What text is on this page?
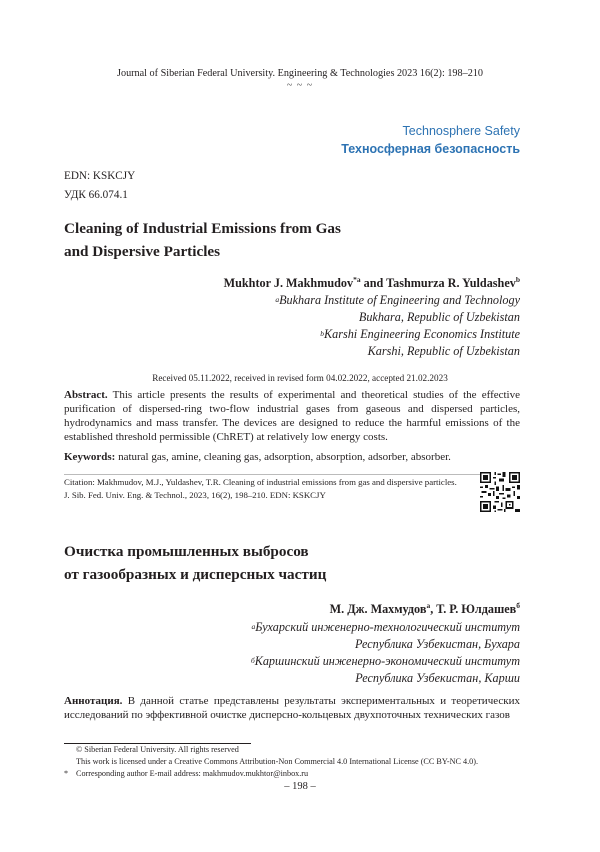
Journal of Siberian Federal University. Engineering & Technologies 2023 16(2): 198–210
~ ~ ~
Technosphere Safety
Техносферная безопасность
EDN: KSKCJY
УДК 66.074.1
Cleaning of Industrial Emissions from Gas
and Dispersive Particles
Mukhtor J. Makhmudov$^{*a}$ and Tashmurza R. Yuldashev$^b$
$^a$Bukhara Institute of Engineering and Technology
Bukhara, Republic of Uzbekistan
$^b$Karshi Engineering Economics Institute
Karshi, Republic of Uzbekistan
Received 05.11.2022, received in revised form 04.02.2022, accepted 21.02.2023
Abstract. This article presents the results of experimental and theoretical studies of the effective purification of dispersed-ring two-flow industrial gases from gaseous and dispersed particles, hydrodynamics and mass transfer. The devices are designed to reduce the harmful emissions of the established threshold permissible (ChRET) at relatively low energy costs.
Keywords: natural gas, amine, cleaning gas, adsorption, absorption, adsorber, absorber.
Citation: Makhmudov, M.J., Yuldashev, T.R. Cleaning of industrial emissions from gas and dispersive particles.
J. Sib. Fed. Univ. Eng. & Technol., 2023, 16(2), 198–210. EDN: KSKCJY
Очистка промышленных выбросов
от газообразных и дисперсных частиц
М. Дж. Махмудов$^а$, Т. Р. Юлдашев$^б$
$^а$Бухарский инженерно-технологический институт
Республика Узбекистан, Бухара
$^б$Каршинский инженерно-экономический институт
Республика Узбекистан, Карши
Аннотация. В данной статье представлены результаты экспериментальных и теоретических исследований по эффективной очистке дисперсно-кольцевых двухпоточных технических газов
© Siberian Federal University. All rights reserved
This work is licensed under a Creative Commons Attribution-Non Commercial 4.0 International License (CC BY-NC 4.0).
* Corresponding author E-mail address: makhmudov.mukhtor@inbox.ru
– 198 –
